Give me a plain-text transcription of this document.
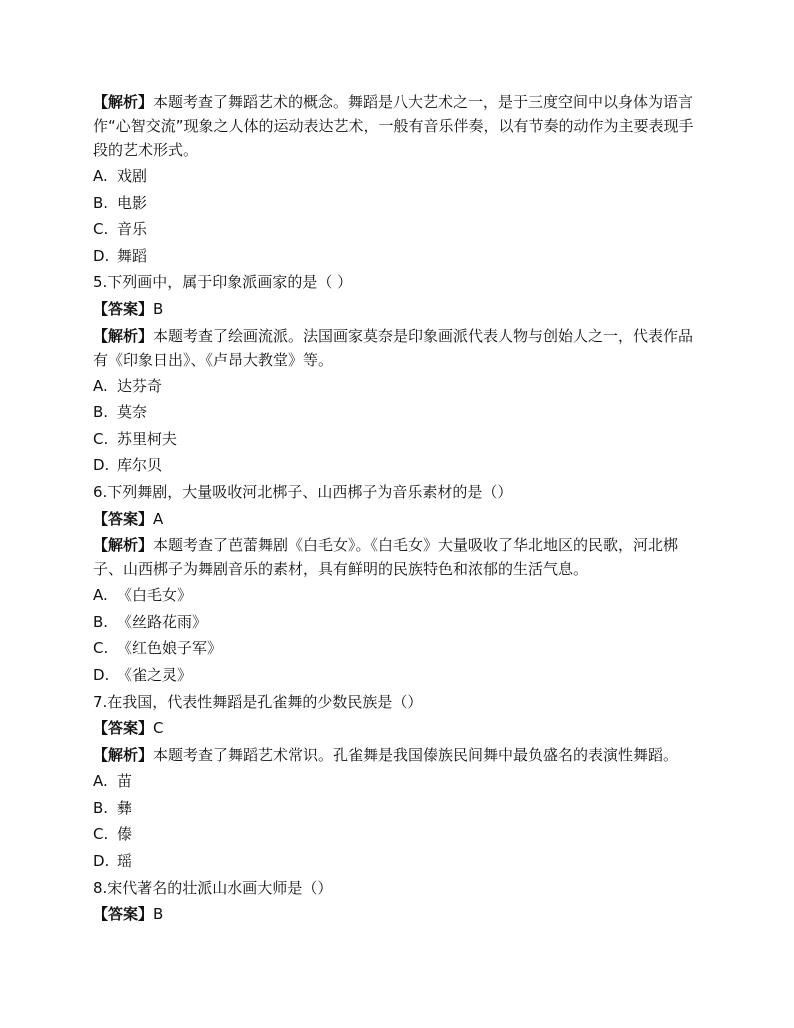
【解析】本题考查了舞蹈艺术的概念。舞蹈是八大艺术之一，是于三度空间中以身体为语言作“心智交流”现象之人体的运动表达艺术，一般有音乐伴奏，以有节奏的动作为主要表现手段的艺术形式。
A. 戏剧
B. 电影
C. 音乐
D. 舞蹈
5.下列画中，属于印象派画家的是（ ）
【答案】B
【解析】本题考查了绘画流派。法国画家莫奈是印象画派代表人物与创始人之一，代表作品有《印象日出》、《卢昂大教堂》等。
A. 达芬奇
B. 莫奈
C. 苏里柯夫
D. 库尔贝
6.下列舞剧，大量吸收河北梆子、山西梆子为音乐素材的是（）
【答案】A
【解析】本题考查了芭蕾舞剧《白毛女》。《白毛女》大量吸收了华北地区的民歌，河北梆子、山西梆子为舞剧音乐的素材，具有鲜明的民族特色和浓郁的生活气息。
A. 《白毛女》
B. 《丝路花雨》
C. 《红色娘子军》
D. 《雀之灵》
7.在我国，代表性舞蹈是孔雀舞的少数民族是（）
【答案】C
【解析】本题考查了舞蹈艺术常识。孔雀舞是我国傣族民间舞中最负盛名的表演性舞蹈。
A. 苗
B. 彝
C. 傣
D. 瑶
8.宋代著名的壮派山水画大师是（）
【答案】B
